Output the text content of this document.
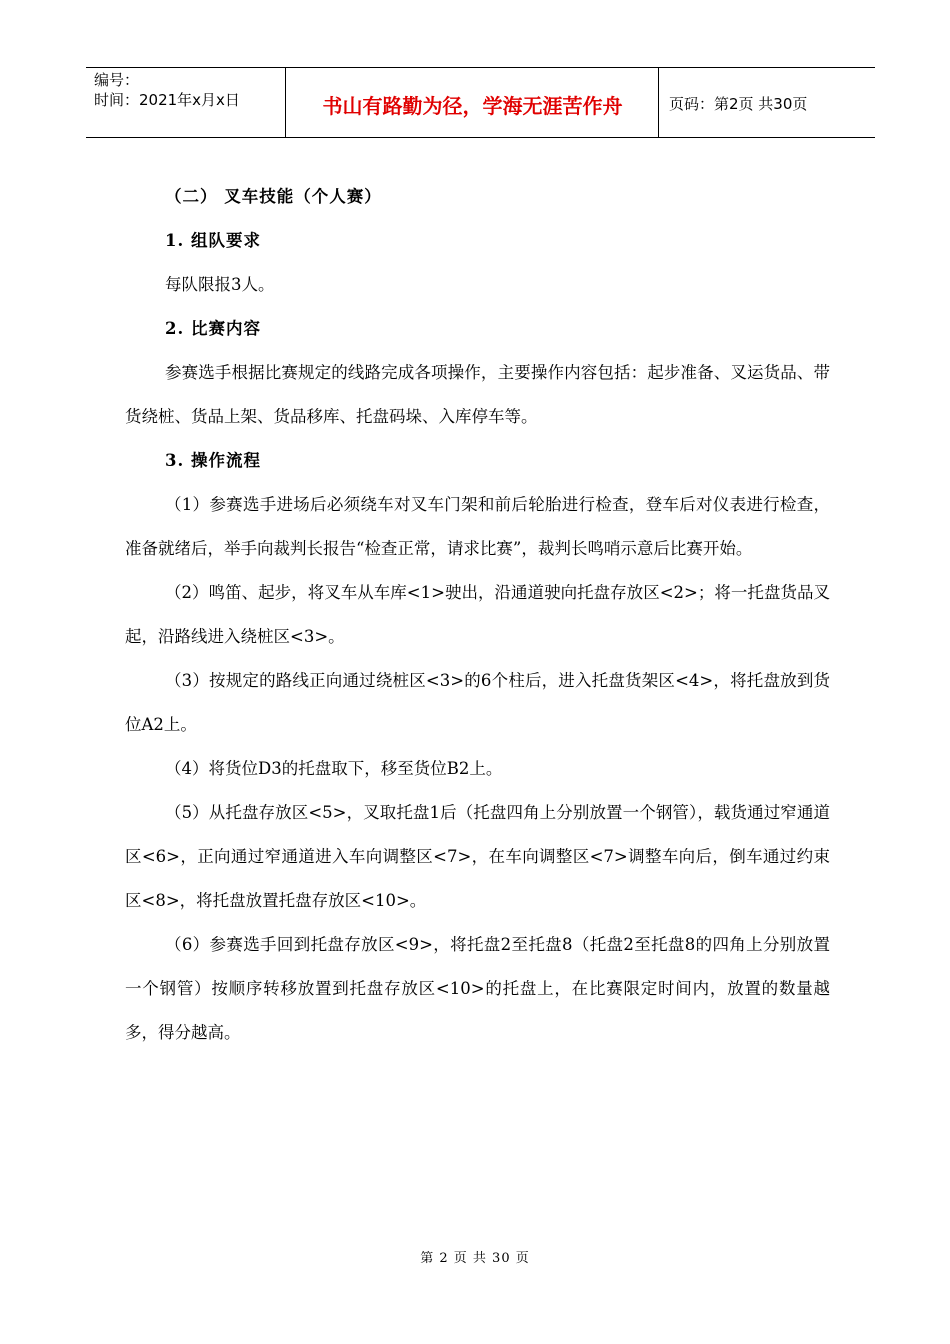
编号：
时间：2021年x月x日	书山有路勤为径，学海无涯苦作舟	页码：第2页 共30页

（二） 叉车技能（个人赛）

1. 组队要求

每队限报3人。

2. 比赛内容

参赛选手根据比赛规定的线路完成各项操作，主要操作内容包括：起步准备、叉运货品、带货绕桩、货品上架、货品移库、托盘码垛、入库停车等。

3. 操作流程

（1）参赛选手进场后必须绕车对叉车门架和前后轮胎进行检查，登车后对仪表进行检查，准备就绪后，举手向裁判长报告“检查正常，请求比赛”，裁判长鸣哨示意后比赛开始。

（2）鸣笛、起步，将叉车从车库<1>驶出，沿通道驶向托盘存放区<2>；将一托盘货品叉起，沿路线进入绕桩区<3>。

（3）按规定的路线正向通过绕桩区<3>的6个柱后，进入托盘货架区<4>，将托盘放到货位A2上。

（4）将货位D3的托盘取下，移至货位B2上。

（5）从托盘存放区<5>，叉取托盘1后（托盘四角上分别放置一个钢管），载货通过窄通道区<6>，正向通过窄通道进入车向调整区<7>，在车向调整区<7>调整车向后，倒车通过约束区<8>，将托盘放置托盘存放区<10>。

（6）参赛选手回到托盘存放区<9>，将托盘2至托盘8（托盘2至托盘8的四角上分别放置一个钢管）按顺序转移放置到托盘存放区<10>的托盘上，在比赛限定时间内，放置的数量越多，得分越高。

第 2 页 共 30 页
